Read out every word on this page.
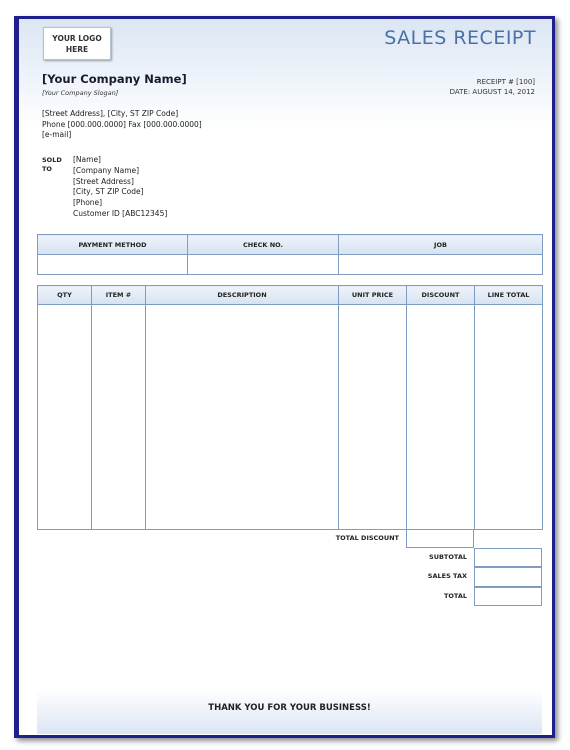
YOUR LOGO
HERE	SALES RECEIPT
[Your Company Name]
[Your Company Slogan]
RECEIPT # [100]
DATE: AUGUST 14, 2012
[Street Address], [City, ST ZIP Code]
Phone [000.000.0000] Fax [000.000.0000]
[e-mail]
SOLD
TO
[Name]
[Company Name]
[Street Address]
[City, ST ZIP Code]
[Phone]
Customer ID [ABC12345]
PAYMENT METHOD	CHECK NO.	JOB

QTY	ITEM #	DESCRIPTION	UNIT PRICE	DISCOUNT	LINE TOTAL

TOTAL DISCOUNT
SUBTOTAL
SALES TAX
TOTAL
THANK YOU FOR YOUR BUSINESS!
